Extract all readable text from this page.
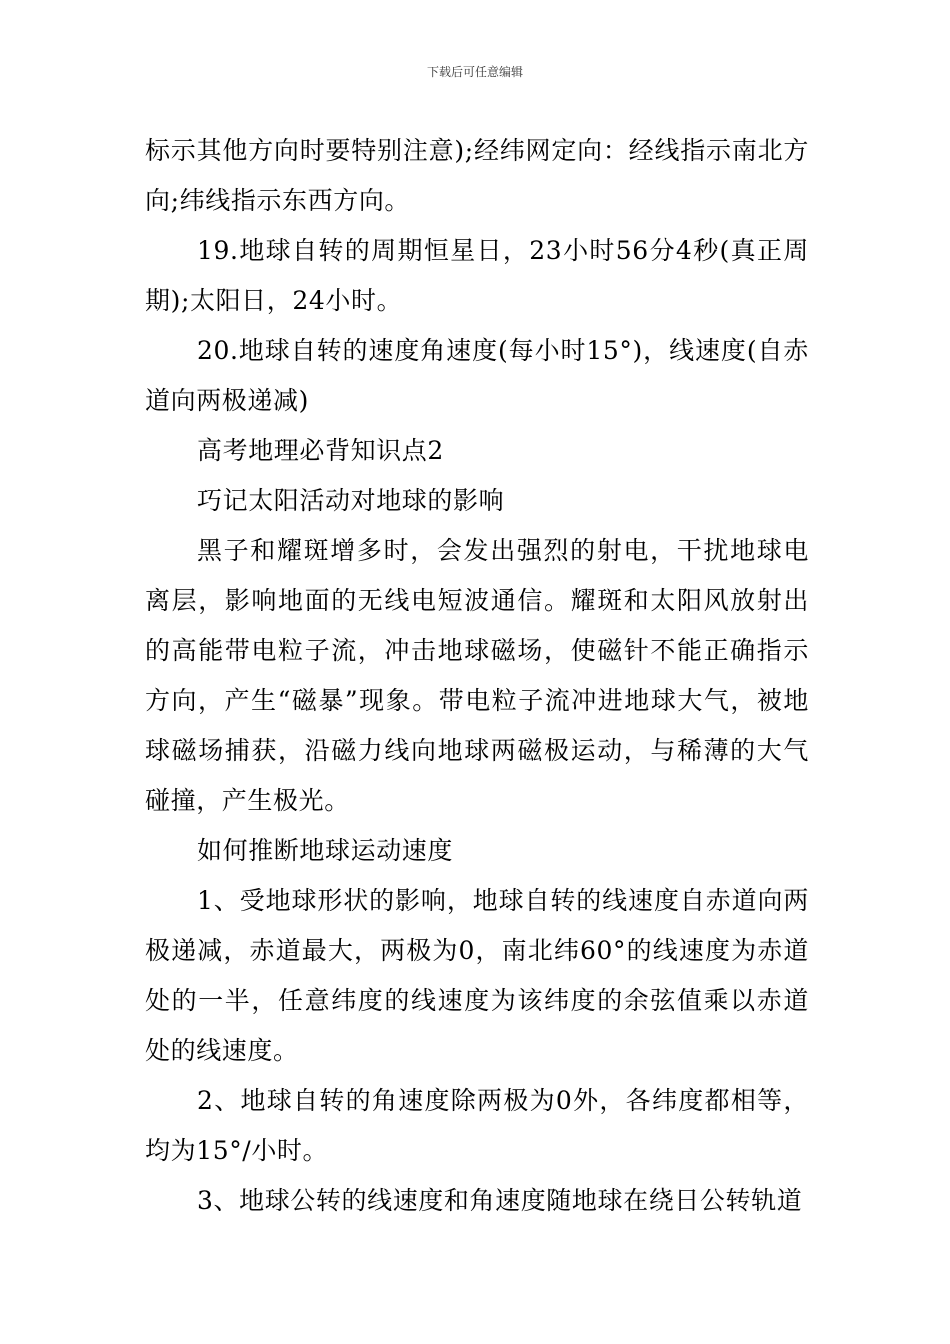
下载后可任意编辑

标示其他方向时要特别注意);经纬网定向：经线指示南北方向;纬线指示东西方向。

19.地球自转的周期恒星日，23小时56分4秒(真正周期);太阳日，24小时。

20.地球自转的速度角速度(每小时15°)，线速度(自赤道向两极递减)

高考地理必背知识点2

巧记太阳活动对地球的影响

黑子和耀斑增多时，会发出强烈的射电，干扰地球电离层，影响地面的无线电短波通信。耀斑和太阳风放射出的高能带电粒子流，冲击地球磁场，使磁针不能正确指示方向，产生“磁暴”现象。带电粒子流冲进地球大气，被地球磁场捕获，沿磁力线向地球两磁极运动，与稀薄的大气碰撞，产生极光。

如何推断地球运动速度

1、受地球形状的影响，地球自转的线速度自赤道向两极递减，赤道最大，两极为0，南北纬60°的线速度为赤道处的一半，任意纬度的线速度为该纬度的余弦值乘以赤道处的线速度。

2、地球自转的角速度除两极为0外，各纬度都相等，均为15°/小时。

3、地球公转的线速度和角速度随地球在绕日公转轨道
